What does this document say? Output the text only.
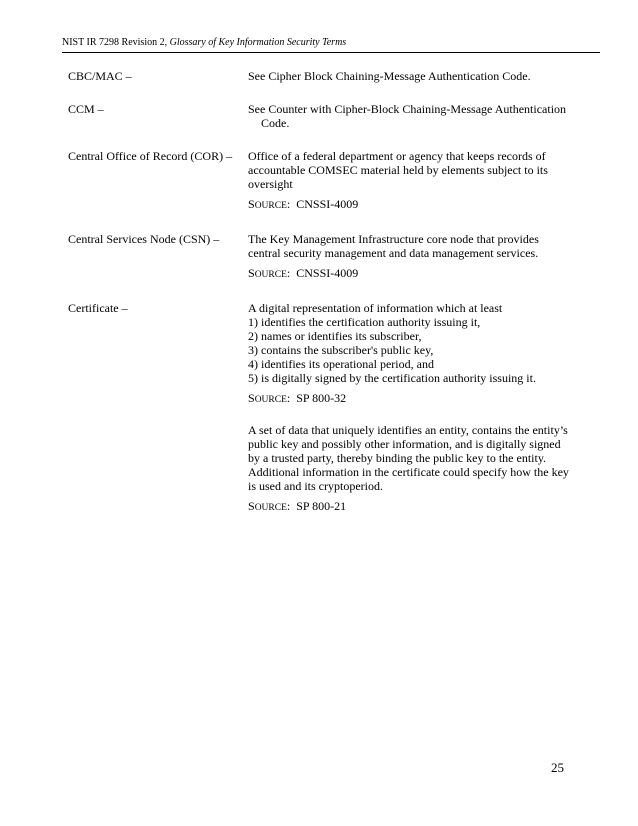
NIST IR 7298 Revision 2, Glossary of Key Information Security Terms
CBC/MAC –	See Cipher Block Chaining-Message Authentication Code.

CCM –	See Counter with Cipher-Block Chaining-Message Authentication Code.

Central Office of Record (COR) –	Office of a federal department or agency that keeps records of accountable COMSEC material held by elements subject to its oversight

SOURCE:  CNSSI-4009

Central Services Node (CSN) –	The Key Management Infrastructure core node that provides central security management and data management services.

SOURCE:  CNSSI-4009

Certificate –	A digital representation of information which at least

1) identifies the certification authority issuing it,

2) names or identifies its subscriber,

3) contains the subscriber's public key,

4) identifies its operational period, and

5) is digitally signed by the certification authority issuing it.

SOURCE:  SP 800-32

A set of data that uniquely identifies an entity, contains the entity’s public key and possibly other information, and is digitally signed by a trusted party, thereby binding the public key to the entity. Additional information in the certificate could specify how the key is used and its cryptoperiod.

SOURCE:  SP 800-21

25
